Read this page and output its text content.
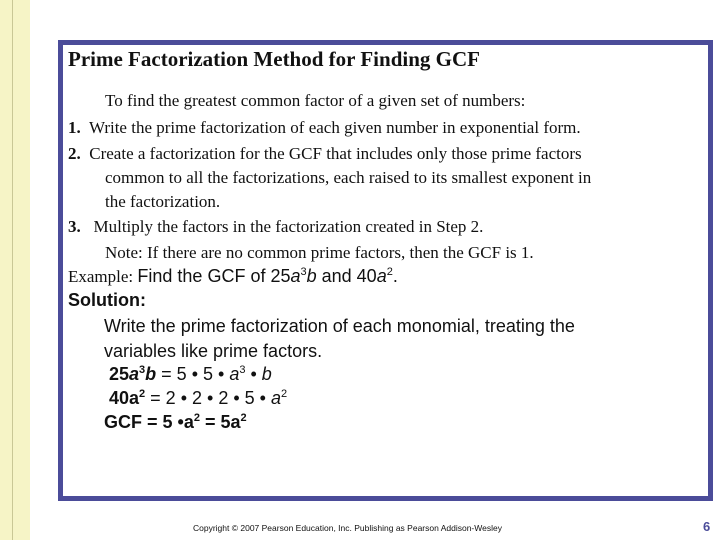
Prime Factorization Method for Finding GCF
To find the greatest common factor of a given set of numbers:
1. Write the prime factorization of each given number in exponential form.
2. Create a factorization for the GCF that includes only those prime factors
common to all the factorizations, each raised to its smallest exponent in
the factorization.
3. Multiply the factors in the factorization created in Step 2.
Note: If there are no common prime factors, then the GCF is 1.
Example: Find the GCF of $25a^3b$ and $40a^2$.
Solution:
Write the prime factorization of each monomial, treating the
variables like prime factors.
$25a^3b = 5$ • 5 • $a^3$ • b
$40a^2 = 2$ • 2 • 2 • 5 • $a^2$
GCF = 5 $•a^2 = 5a^2$
Copyright © 2007 Pearson Education, Inc. Publishing as Pearson Addison-Wesley	6
